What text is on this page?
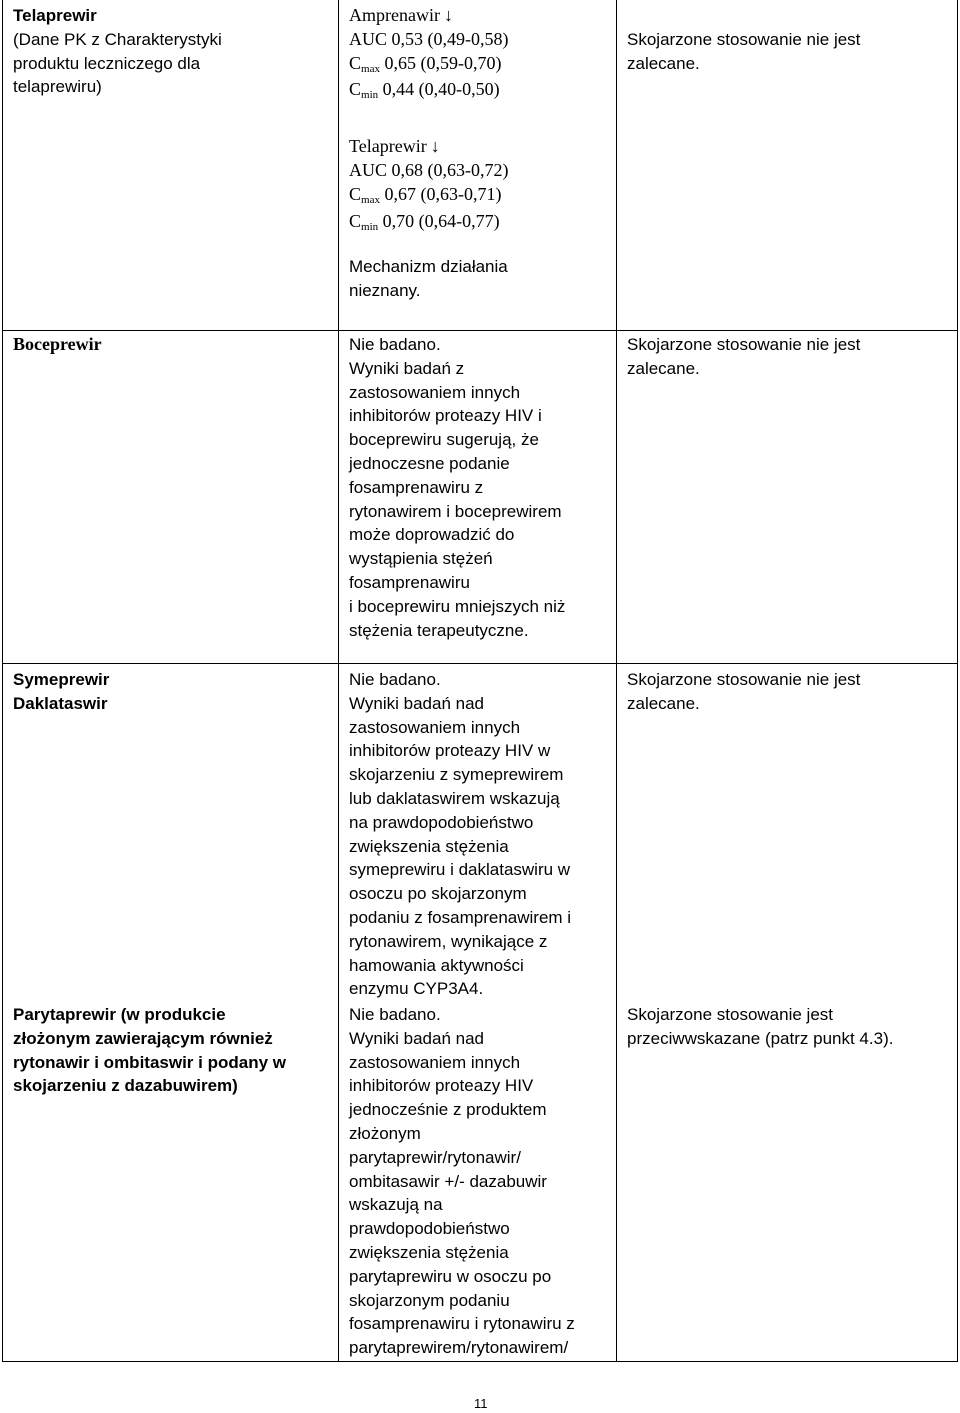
Telaprewir
(Dane PK z Charakterystyki
produktu leczniczego dla
telaprewiru)
Amprenawir ↓
AUC 0,53 (0,49-0,58)
Cmax 0,65 (0,59-0,70)
Cmin 0,44 (0,40-0,50)
Telaprewir ↓
AUC 0,68 (0,63-0,72)
Cmax 0,67 (0,63-0,71)
Cmin 0,70 (0,64-0,77)
Mechanizm działania
nieznany.
Skojarzone stosowanie nie jest
zalecane.
Boceprewir	Nie badano.
Wyniki badań z
zastosowaniem innych
inhibitorów proteazy HIV i
boceprewiru sugerują, że
jednoczesne podanie
fosamprenawiru z
rytonawirem i boceprewirem
może doprowadzić do
wystąpienia stężeń
fosamprenawiru
i boceprewiru mniejszych niż
stężenia terapeutyczne.
Skojarzone stosowanie nie jest
zalecane.
Symeprewir
Daklataswir
Nie badano.
Wyniki badań nad
zastosowaniem innych
inhibitorów proteazy HIV w
skojarzeniu z symeprewirem
lub daklataswirem wskazują
na prawdopodobieństwo
zwiększenia stężenia
symeprewiru i daklataswiru w
osoczu po skojarzonym
podaniu z fosamprenawirem i
rytonawirem, wynikające z
hamowania aktywności
enzymu CYP3A4.
Skojarzone stosowanie nie jest
zalecane.
Parytaprewir (w produkcie
złożonym zawierającym również
rytonawir i ombitaswir i podany w
skojarzeniu z dazabuwirem)
Nie badano.
Wyniki badań nad
zastosowaniem innych
inhibitorów proteazy HIV
jednocześnie z produktem
złożonym
parytaprewir/rytonawir/
ombitasawir +/- dazabuwir
wskazują na
prawdopodobieństwo
zwiększenia stężenia
parytaprewiru w osoczu po
skojarzonym podaniu
fosamprenawiru i rytonawiru z
parytaprewirem/rytonawirem/
Skojarzone stosowanie jest
przeciwwskazane (patrz punkt 4.3).
11
